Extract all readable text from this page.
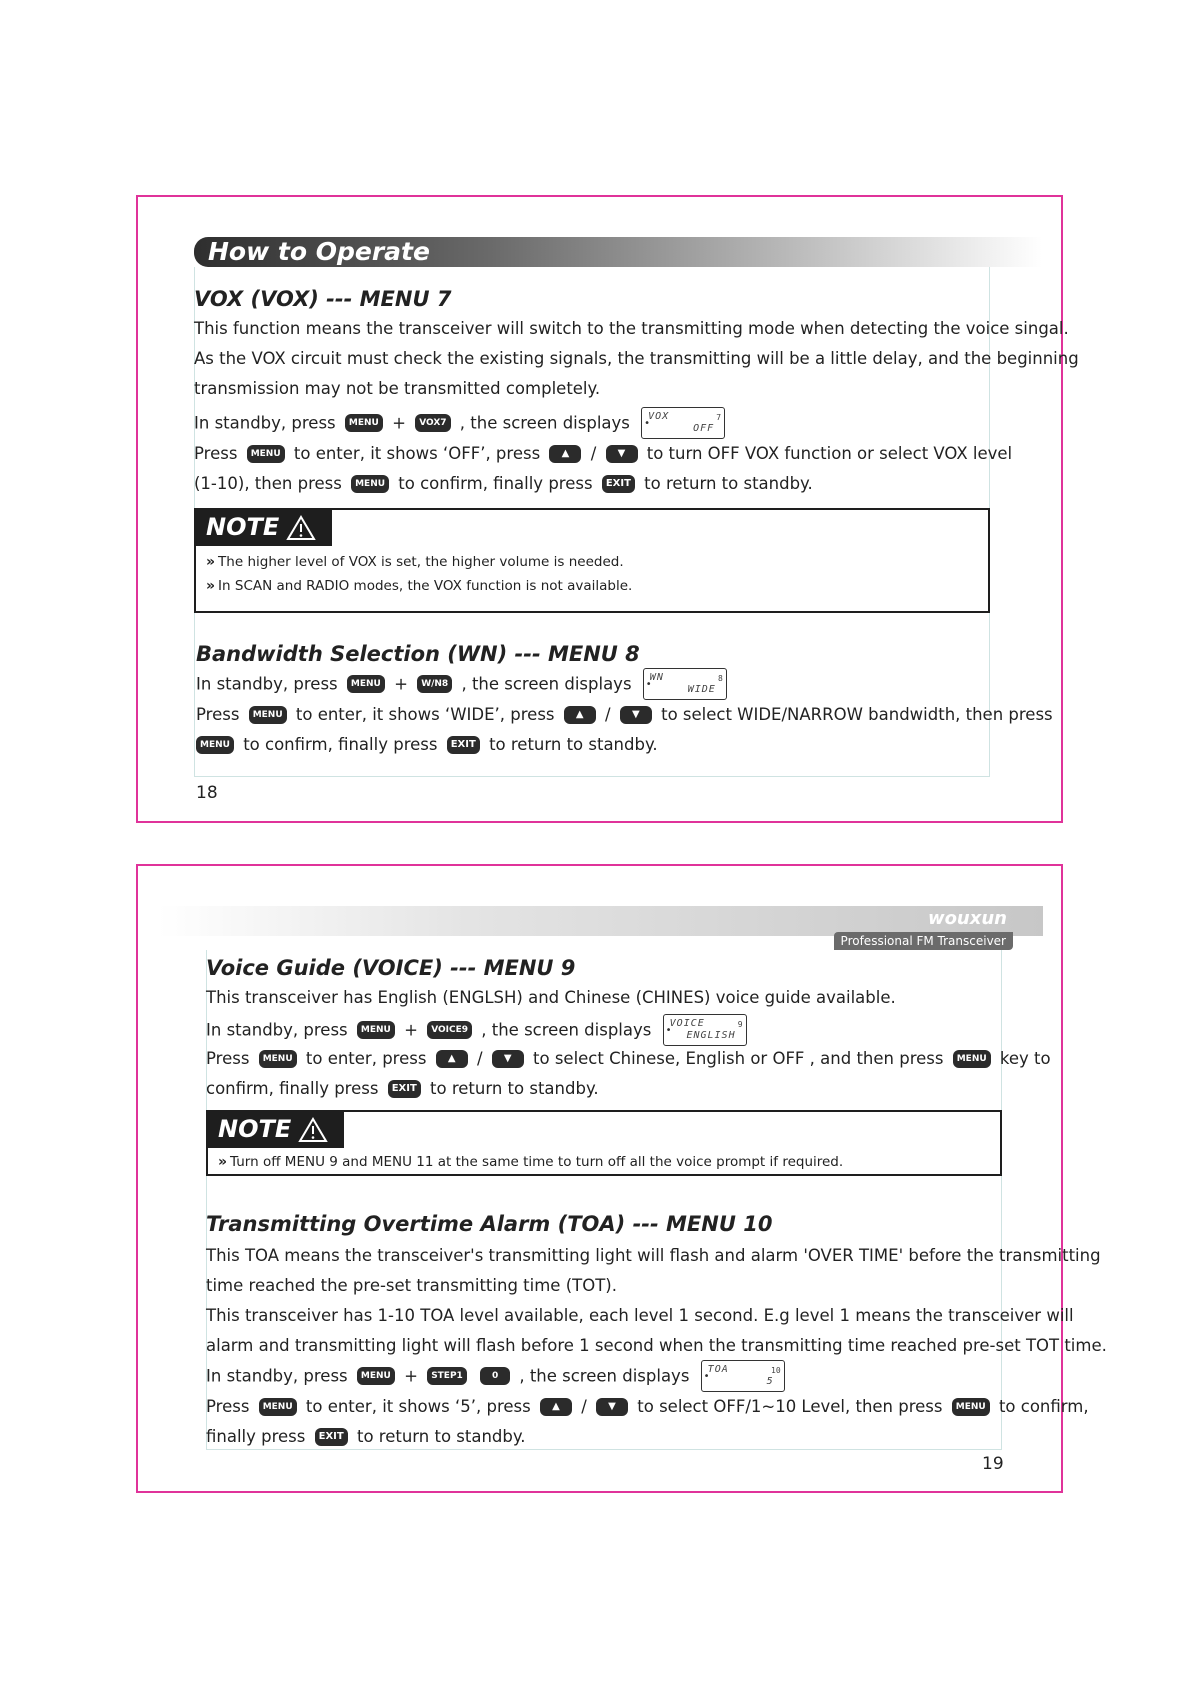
How to Operate
VOX (VOX) --- MENU 7
This function means the transceiver will switch to the transmitting mode when detecting the voice singal.
As the VOX circuit must check the existing signals, the transmitting will be a little delay, and the beginning
transmission may not be transmitted completely.
In standby, press MENU + VOX7 , the screen displays •
VOX
OFF
7
Press MENU to enter, it shows ‘OFF’, press ▲ / ▼ to turn OFF VOX function or select VOX level
(1-10), then press MENU to confirm, finally press EXIT to return to standby.
NOTE
» The higher level of VOX is set, the higher volume is needed.
» In SCAN and RADIO modes, the VOX function is not available.
Bandwidth Selection (WN) --- MENU 8
In standby, press MENU + W/N8 , the screen displays •
WN
WIDE
8
Press MENU to enter, it shows ‘WIDE’, press ▲ / ▼ to select WIDE/NARROW bandwidth, then press
MENU to confirm, finally press EXIT to return to standby.
18
wouxun
Professional FM Transceiver
Voice Guide (VOICE) --- MENU 9
This transceiver has English (ENGLSH) and Chinese (CHINES) voice guide available.
In standby, press MENU + VOICE9 , the screen displays •
VOICE
ENGLISH
9
Press MENU to enter, press ▲ / ▼ to select Chinese, English or OFF , and then press MENU key to
confirm, finally press EXIT to return to standby.
NOTE
» Turn off MENU 9 and MENU 11 at the same time to turn off all the voice prompt if required.
Transmitting Overtime Alarm (TOA) --- MENU 10
This TOA means the transceiver's transmitting light will flash and alarm 'OVER TIME' before the transmitting
time reached the pre-set transmitting time (TOT).
This transceiver has 1-10 TOA level available, each level 1 second. E.g level 1 means the transceiver will
alarm and transmitting light will flash before 1 second when the transmitting time reached pre-set TOT time.
In standby, press MENU + STEP1	0 , the screen displays •
TOA
5
10
Press MENU to enter, it shows ‘5’, press ▲ / ▼ to select OFF/1~10 Level, then press MENU to confirm,
finally press EXIT to return to standby.
19
